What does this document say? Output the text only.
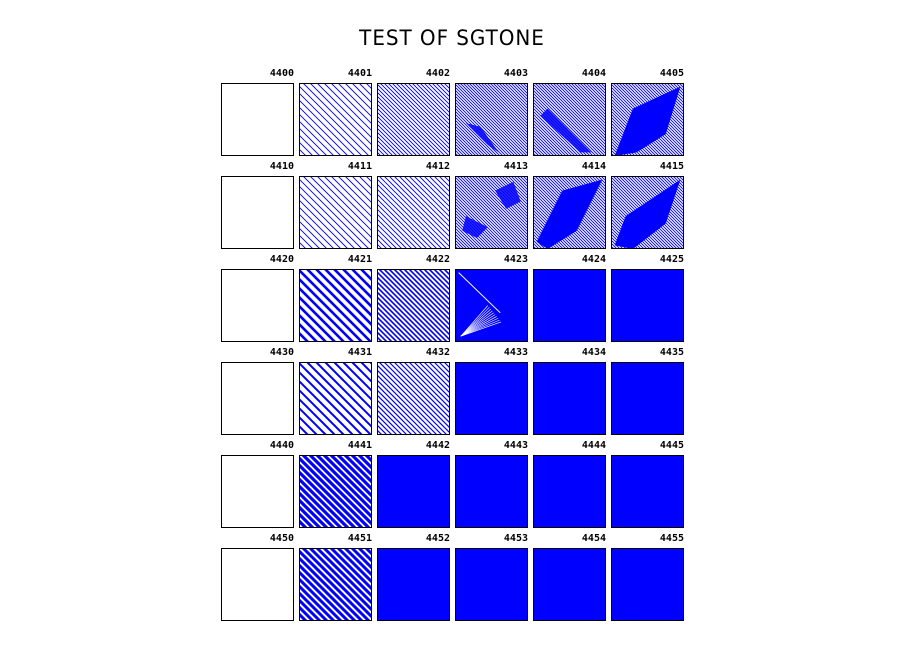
TEST OF SGTONE
4400	4401	4402	4403	4404	4405
4410	4411	4412	4413	4414	4415
4420	4421	4422	4423	4424	4425
4430	4431	4432	4433	4434	4435
4440	4441	4442	4443	4444	4445
4450	4451	4452	4453	4454	4455
